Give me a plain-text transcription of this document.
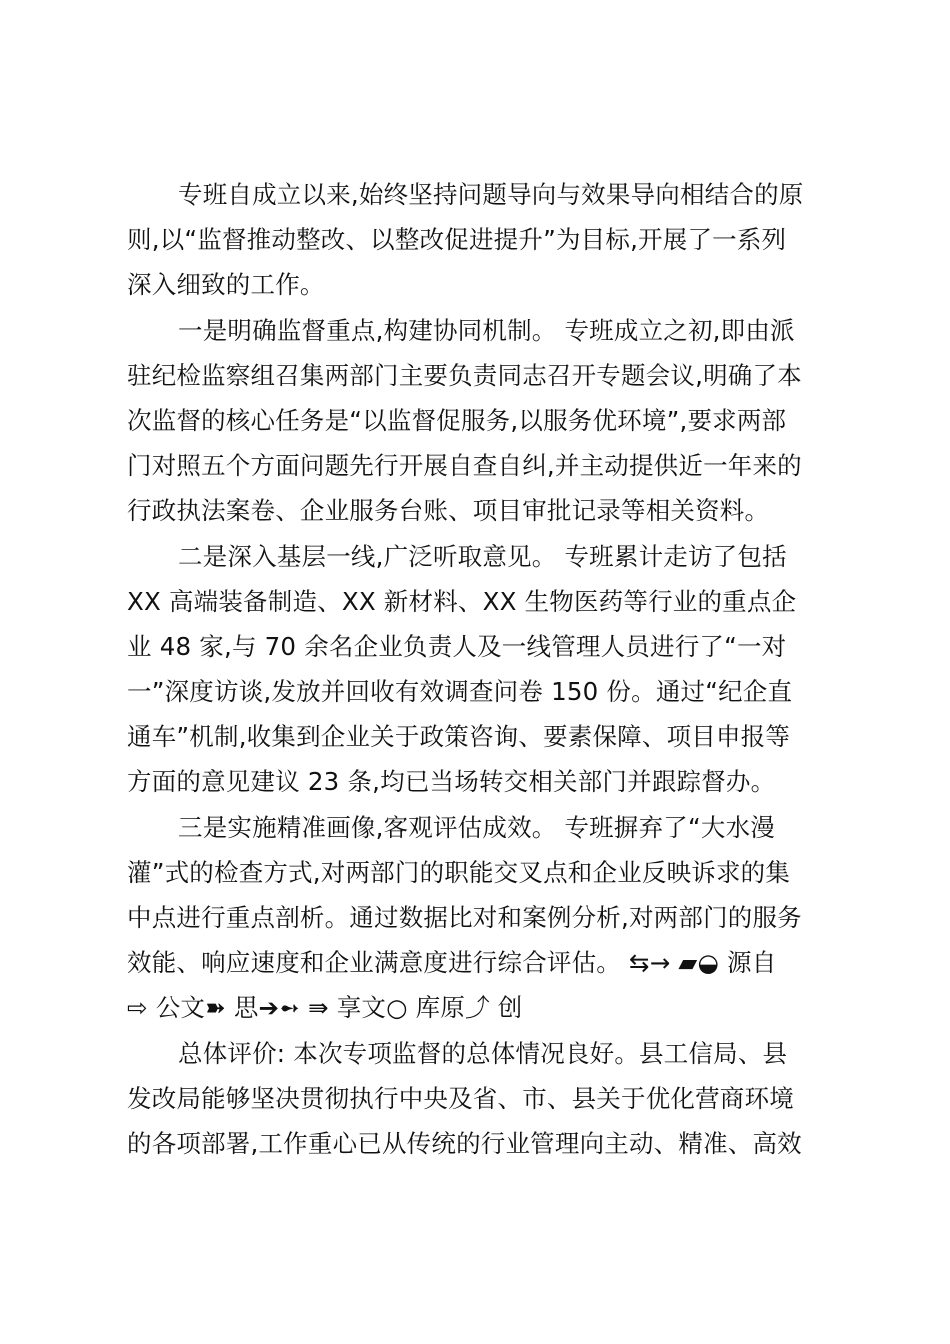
专班自成立以来,始终坚持问题导向与效果导向相结合的原
则,以“监督推动整改、以整改促进提升”为目标,开展了一系列
深入细致的工作。
一是明确监督重点,构建协同机制。 专班成立之初,即由派
驻纪检监察组召集两部门主要负责同志召开专题会议,明确了本
次监督的核心任务是“以监督促服务,以服务优环境”,要求两部
门对照五个方面问题先行开展自查自纠,并主动提供近一年来的
行政执法案卷、企业服务台账、项目审批记录等相关资料。
二是深入基层一线,广泛听取意见。 专班累计走访了包括
XX 高端装备制造、XX 新材料、XX 生物医药等行业的重点企
业 48 家,与 70 余名企业负责人及一线管理人员进行了“一对
一”深度访谈,发放并回收有效调查问卷 150 份。通过“纪企直
通车”机制,收集到企业关于政策咨询、要素保障、项目申报等
方面的意见建议 23 条,均已当场转交相关部门并跟踪督办。
三是实施精准画像,客观评估成效。 专班摒弃了“大水漫
灌”式的检查方式,对两部门的职能交叉点和企业反映诉求的集
中点进行重点剖析。通过数据比对和案例分析,对两部门的服务
效能、响应速度和企业满意度进行综合评估。 ⇆→ ▰◒ 源自
⇨ 公文➽ 思➔➻ ⇛ 享文○ 库原⤴ 创
总体评价: 本次专项监督的总体情况良好。县工信局、县
发改局能够坚决贯彻执行中央及省、市、县关于优化营商环境
的各项部署,工作重心已从传统的行业管理向主动、精准、高效
